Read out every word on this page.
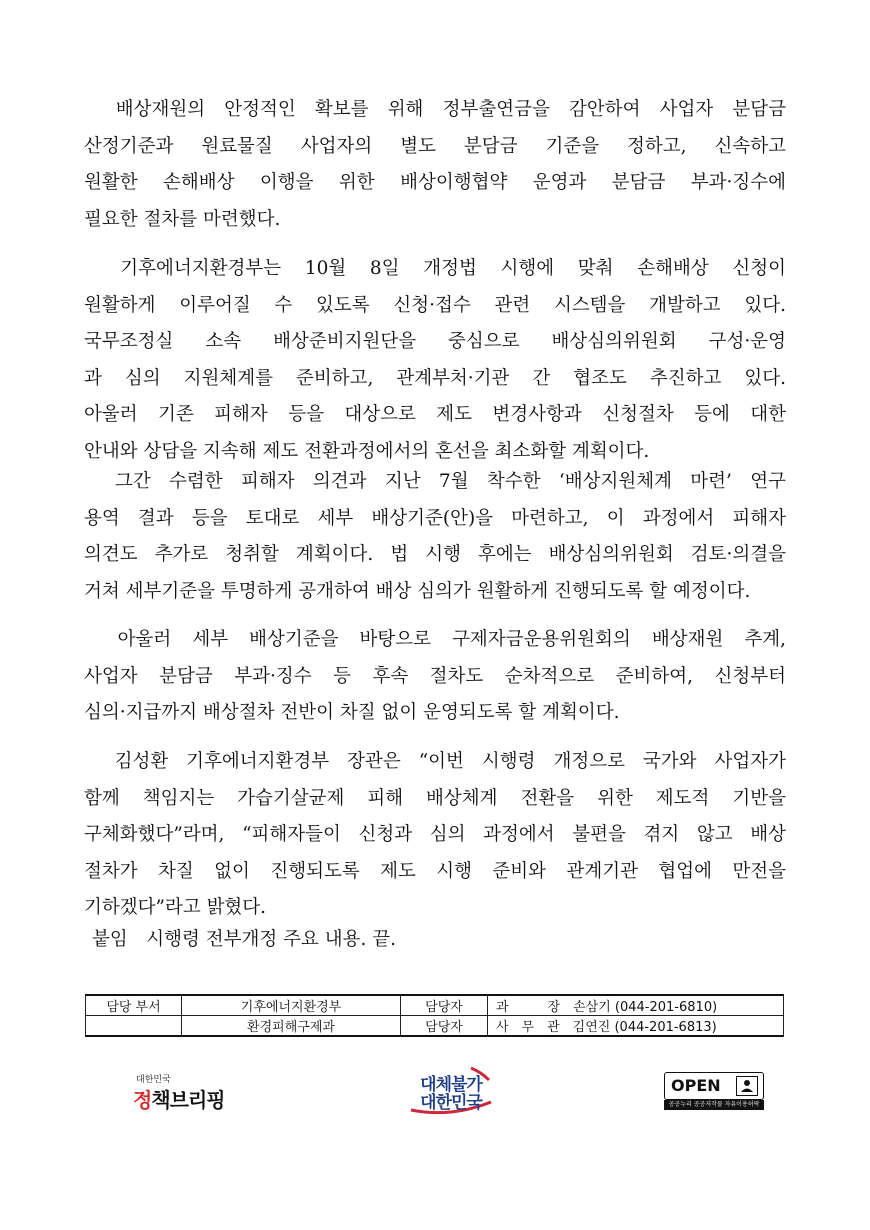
　배상재원의 안정적인 확보를 위해 정부출연금을 감안하여 사업자 분담금
산정기준과 원료물질 사업자의 별도 분담금 기준을 정하고, 신속하고
원활한 손해배상 이행을 위한 배상이행협약 운영과 분담금 부과·징수에
필요한 절차를 마련했다.

　기후에너지환경부는 10월 8일 개정법 시행에 맞춰 손해배상 신청이
원활하게 이루어질 수 있도록 신청·접수 관련 시스템을 개발하고 있다.
국무조정실 소속 배상준비지원단을 중심으로 배상심의위원회 구성·운영
과 심의 지원체계를 준비하고, 관계부처·기관 간 협조도 추진하고 있다.
아울러 기존 피해자 등을 대상으로 제도 변경사항과 신청절차 등에 대한
안내와 상담을 지속해 제도 전환과정에서의 혼선을 최소화할 계획이다.

　그간 수렴한 피해자 의견과 지난 7월 착수한 ‘배상지원체계 마련’ 연구
용역 결과 등을 토대로 세부 배상기준(안)을 마련하고, 이 과정에서 피해자
의견도 추가로 청취할 계획이다. 법 시행 후에는 배상심의위원회 검토·의결을
거쳐 세부기준을 투명하게 공개하여 배상 심의가 원활하게 진행되도록 할 예정이다.

　아울러 세부 배상기준을 바탕으로 구제자금운용위원회의 배상재원 추계,
사업자 분담금 부과·징수 등 후속 절차도 순차적으로 준비하여, 신청부터
심의·지급까지 배상절차 전반이 차질 없이 운영되도록 할 계획이다.

　김성환 기후에너지환경부 장관은 “이번 시행령 개정으로 국가와 사업자가
함께 책임지는 가습기살균제 피해 배상체계 전환을 위한 제도적 기반을
구체화했다”라며, “피해자들이 신청과 심의 과정에서 불편을 겪지 않고 배상
절차가 차질 없이 진행되도록 제도 시행 준비와 관계기관 협업에 만전을
기하겠다”라고 밝혔다.

붙임　시행령 전부개정 주요 내용. 끝.

담당 부서	기후에너지환경부	담당자	과　　　장　손삼기 (044-201-6810)
	환경피해구제과	담당자	사　무　관　김연진 (044-201-6813)
대한민국
정책브리핑
대체불가
대한민국
OPEN
공공누리 공공저작물 자유이용허락
